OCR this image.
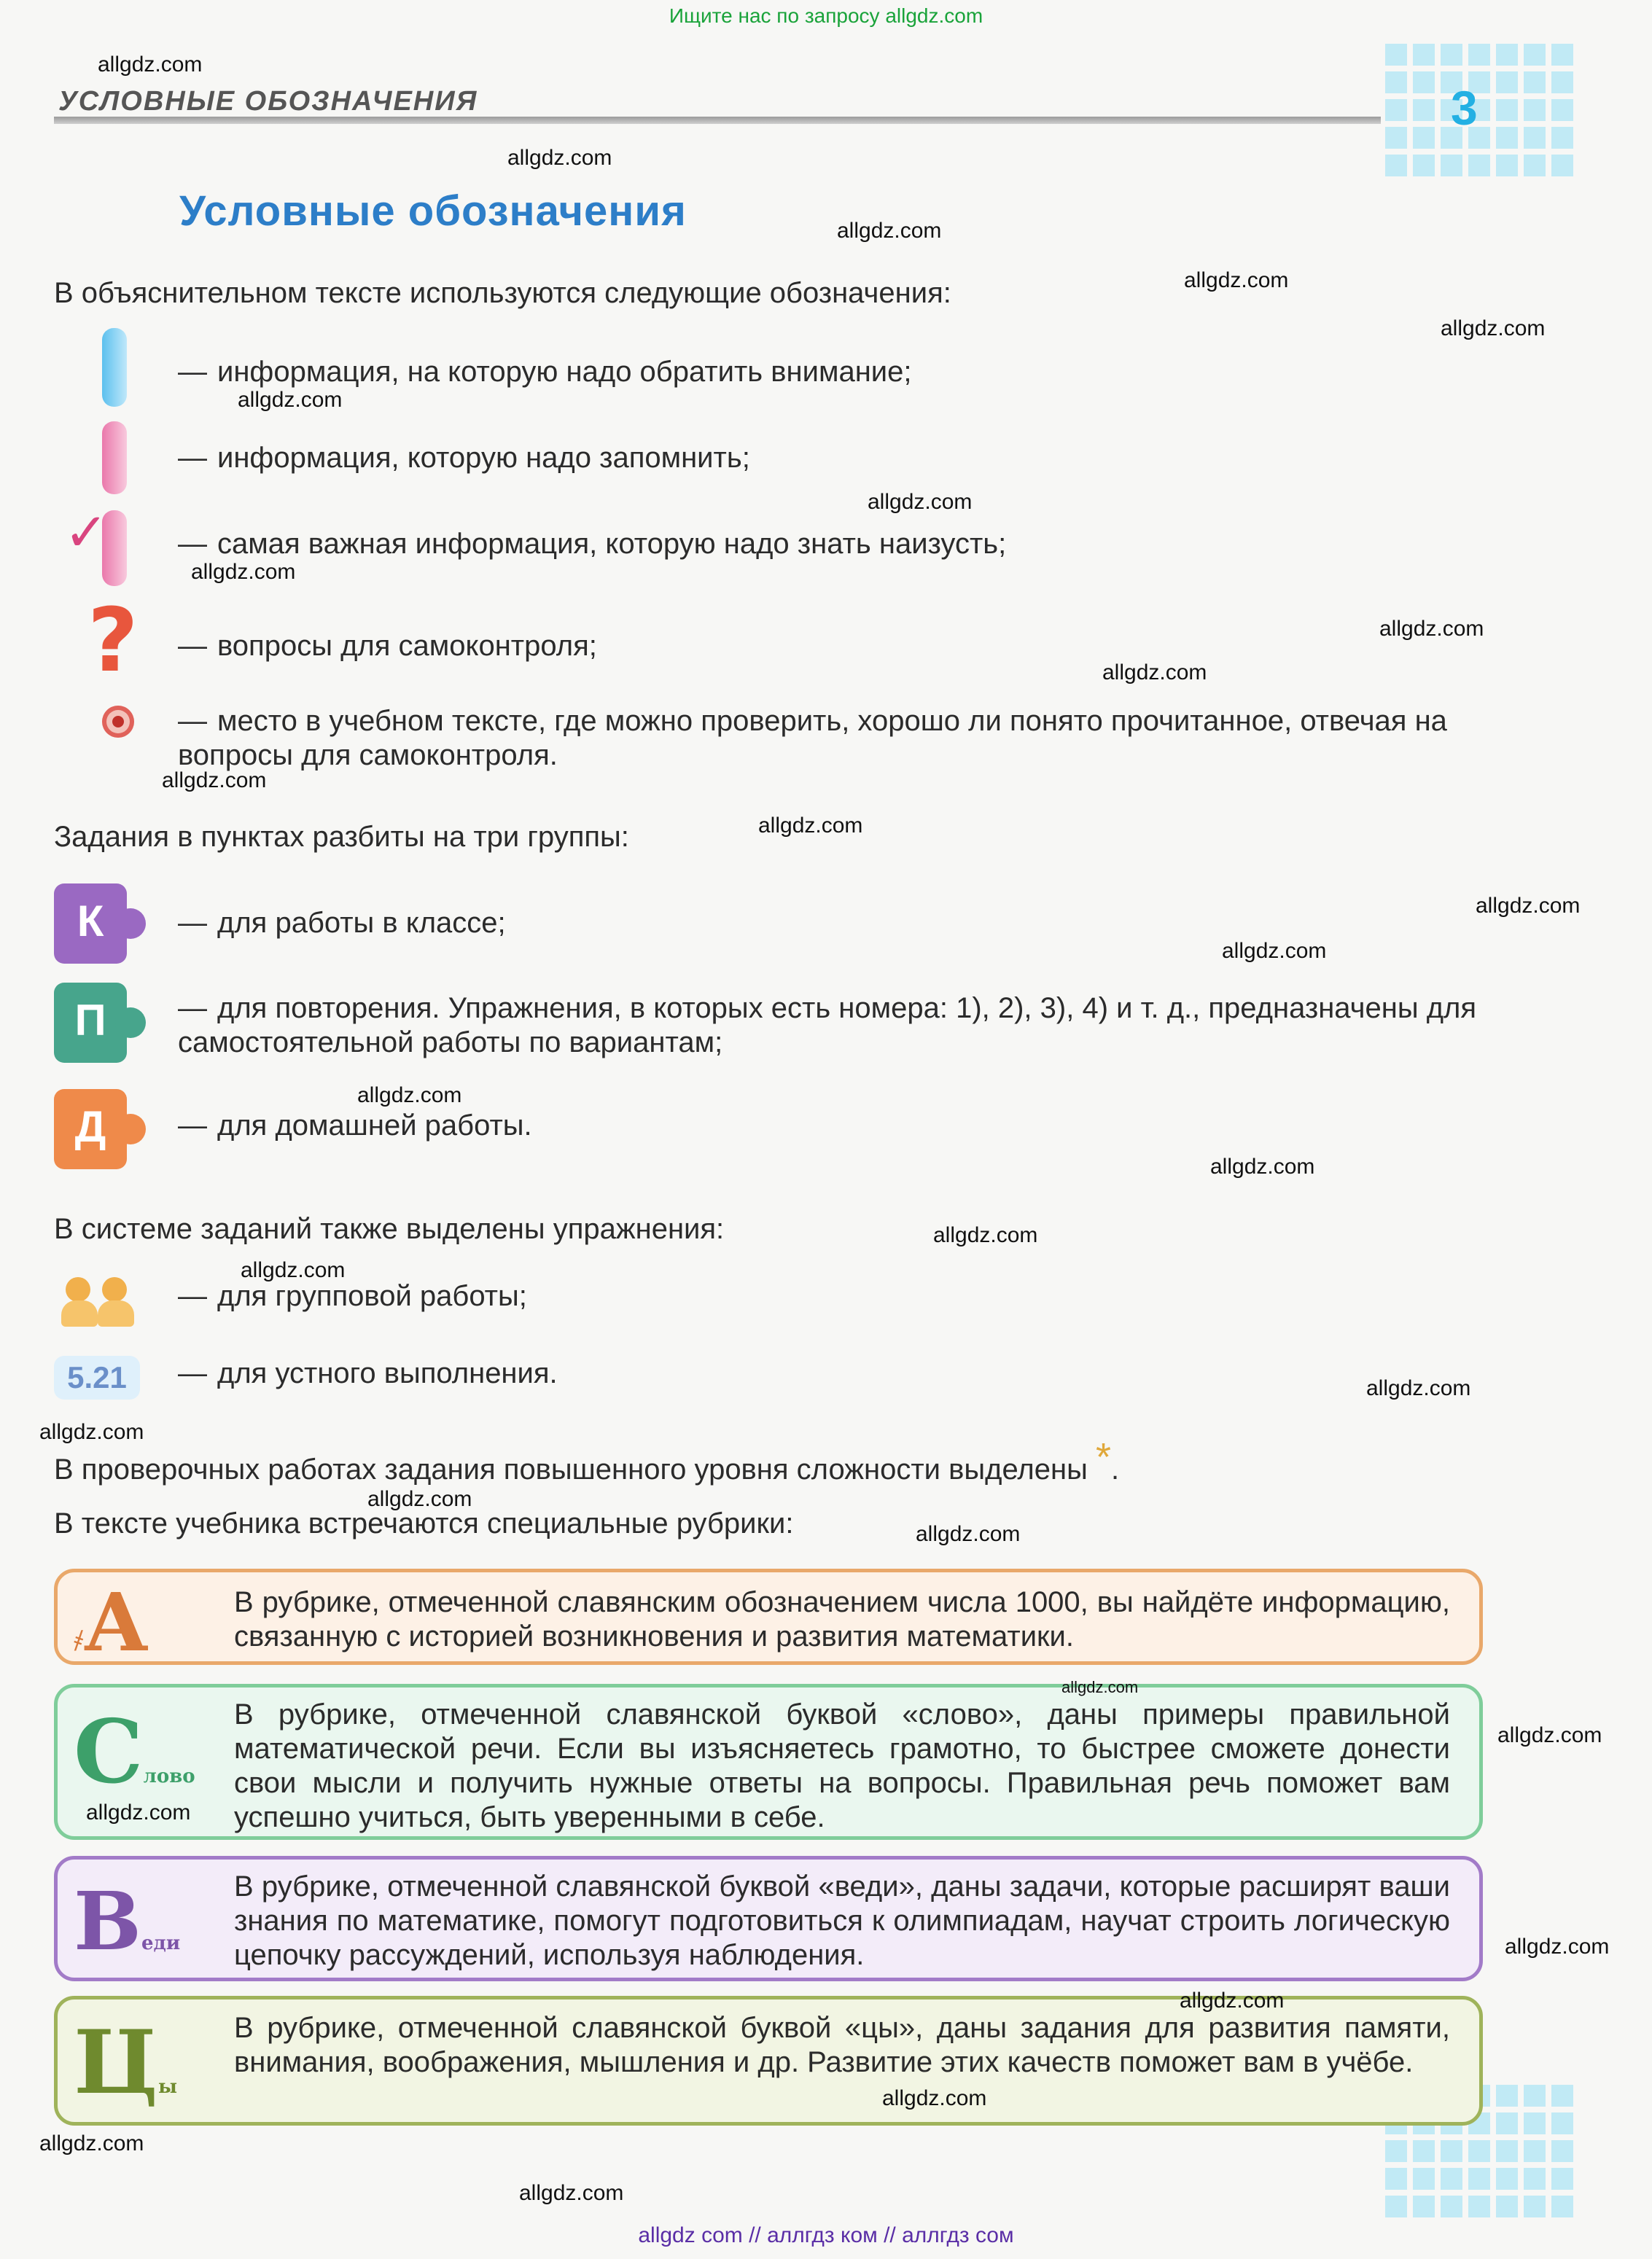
Ищите нас по запросу allgdz.com
allgdz com // аллгдз ком // аллгдз сом
УСЛОВНЫЕ ОБОЗНАЧЕНИЯ	3
Условные обозначения
В объяснительном тексте используются следующие обозначения:
— информация, на которую надо обратить внимание;
— информация, которую надо запомнить;
✓ — самая важная информация, которую надо знать наизусть;
? — вопросы для самоконтроля;
— место в учебном тексте, где можно проверить, хорошо ли понято прочитанное, отвечая на вопросы для самоконтроля.
Задания в пунктах разбиты на три группы:
К	— для работы в классе;
П	— для повторения. Упражнения, в которых есть номера: 1), 2), 3), 4) и т. д., предназначены для самостоятельной работы по вариантам;
Д	— для домашней работы.
В системе заданий также выделены упражнения:
— для групповой работы;
5.21	— для устного выполнения.
В проверочных работах задания повышенного уровня сложности выделены *.
В тексте учебника встречаются специальные рубрики:
҂А	В рубрике, отмеченной славянским обозначением числа 1000, вы найдёте информацию, связанную с историей возникновения и развития математики.
Слово
В рубрике, отмеченной славянской буквой «слово», даны примеры правильной математической речи. Если вы изъясняетесь грамотно, то быстрее сможете донести свои мысли и получить нужные ответы на вопросы. Правильная речь поможет вам успешно учиться, быть уверенными в себе.
Веди
В рубрике, отмеченной славянской буквой «веди», даны задачи, которые расширят ваши знания по математике, помогут подготовиться к олимпиадам, научат строить логическую цепочку рассуждений, используя наблюдения.
Цы
В рубрике, отмеченной славянской буквой «цы», даны задания для развития памяти, внимания, воображения, мышления и др. Развитие этих качеств поможет вам в учёбе.
allgdz.com
allgdz.com
allgdz.com
allgdz.com
allgdz.com
allgdz.com
allgdz.com
allgdz.com
allgdz.com
allgdz.com
allgdz.com
allgdz.com
allgdz.com
allgdz.com
allgdz.com
allgdz.com
allgdz.com
allgdz.com
allgdz.com
allgdz.com
allgdz.com
allgdz.com
allgdz.com
allgdz.com
allgdz.com
allgdz.com
allgdz.com
allgdz.com
allgdz.com
allgdz.com
